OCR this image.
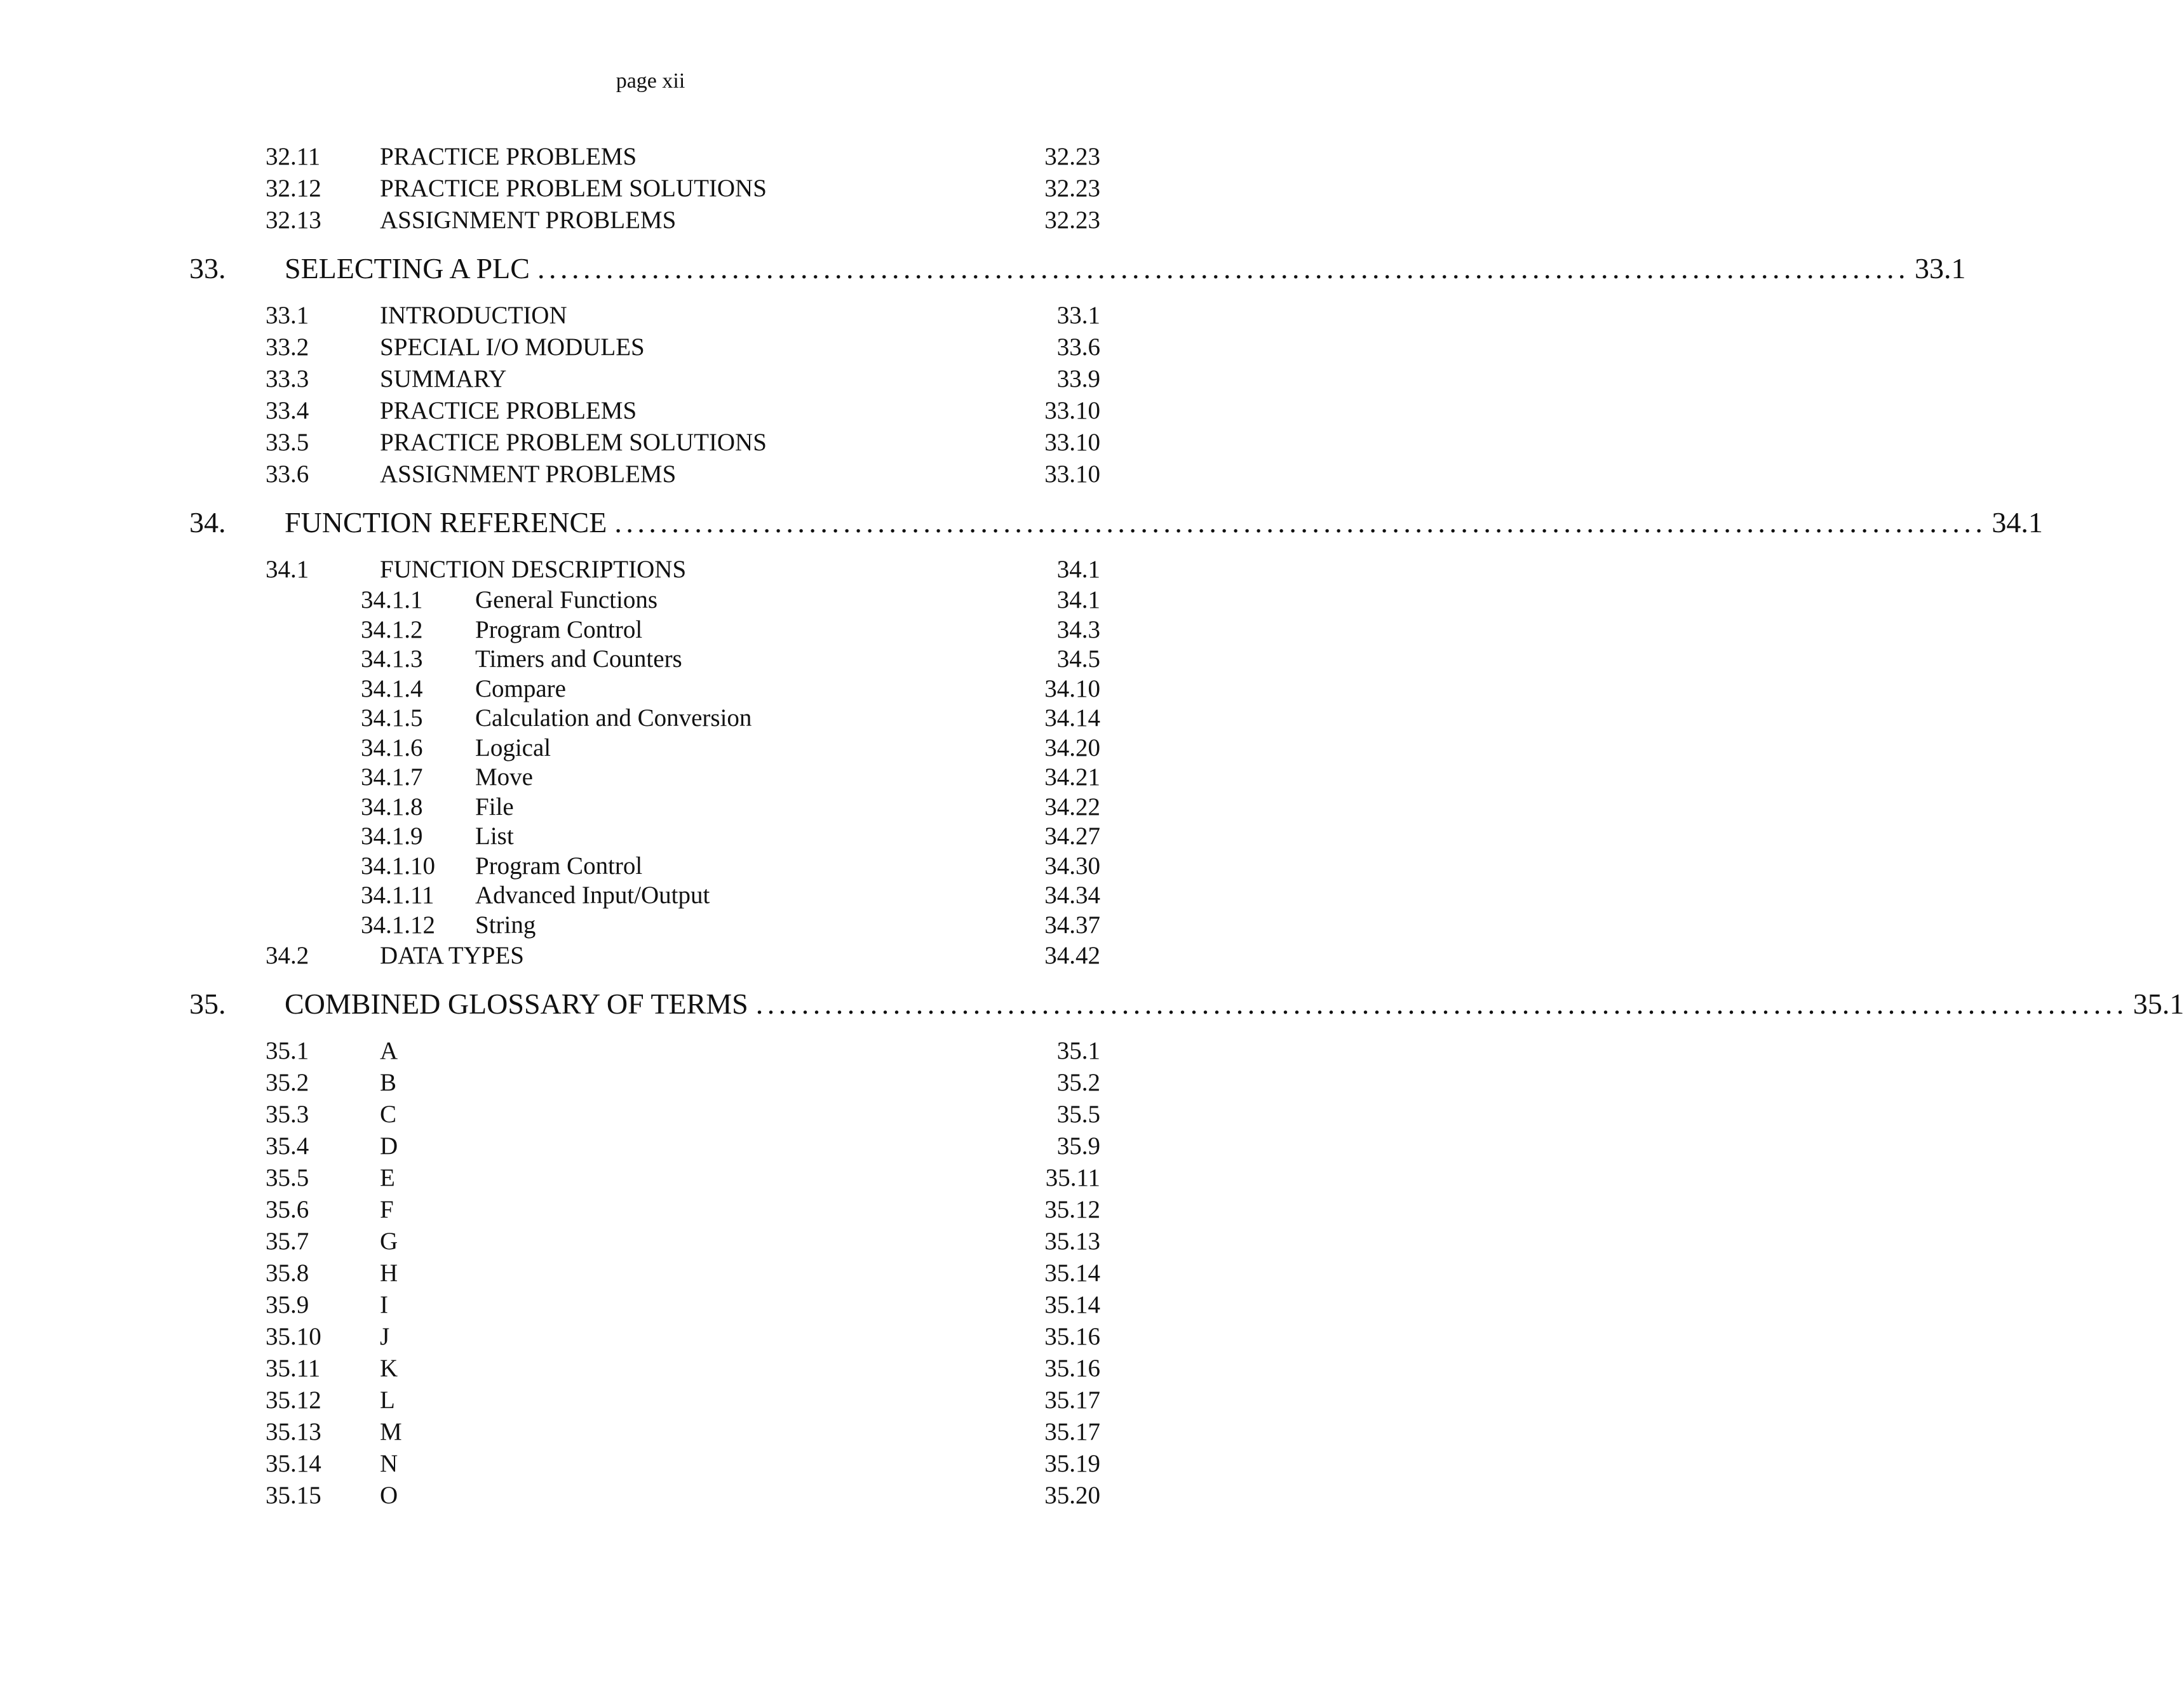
page xii
32.11 PRACTICE PROBLEMS	32.23
32.12 PRACTICE PROBLEM SOLUTIONS	32.23
32.13 ASSIGNMENT PROBLEMS	32.23
33. SELECTING A PLC ........................................................................................................................ 33.1
33.1	INTRODUCTION	33.1
33.2	SPECIAL I/O MODULES	33.6
33.3	SUMMARY	33.9
33.4	PRACTICE PROBLEMS	33.10
33.5	PRACTICE PROBLEM SOLUTIONS	33.10
33.6	ASSIGNMENT PROBLEMS	33.10
34. FUNCTION REFERENCE ........................................................................................................................ 34.1
34.1	FUNCTION DESCRIPTIONS	34.1
34.1.1 General Functions	34.1
34.1.2 Program Control	34.3
34.1.3 Timers and Counters	34.5
34.1.4 Compare	34.10
34.1.5 Calculation and Conversion	34.14
34.1.6 Logical	34.20
34.1.7 Move	34.21
34.1.8 File	34.22
34.1.9 List	34.27
34.1.10 Program Control	34.30
34.1.11 Advanced Input/Output	34.34
34.1.12 String	34.37
34.2	DATA TYPES	34.42
35. COMBINED GLOSSARY OF TERMS ........................................................................................................................ 35.1
35.1	A	35.1
35.2	B	35.2
35.3	C	35.5
35.4	D	35.9
35.5	E	35.11
35.6	F	35.12
35.7	G	35.13
35.8	H	35.14
35.9	I	35.14
35.10 J	35.16
35.11 K	35.16
35.12 L	35.17
35.13 M	35.17
35.14 N	35.19
35.15 O	35.20
